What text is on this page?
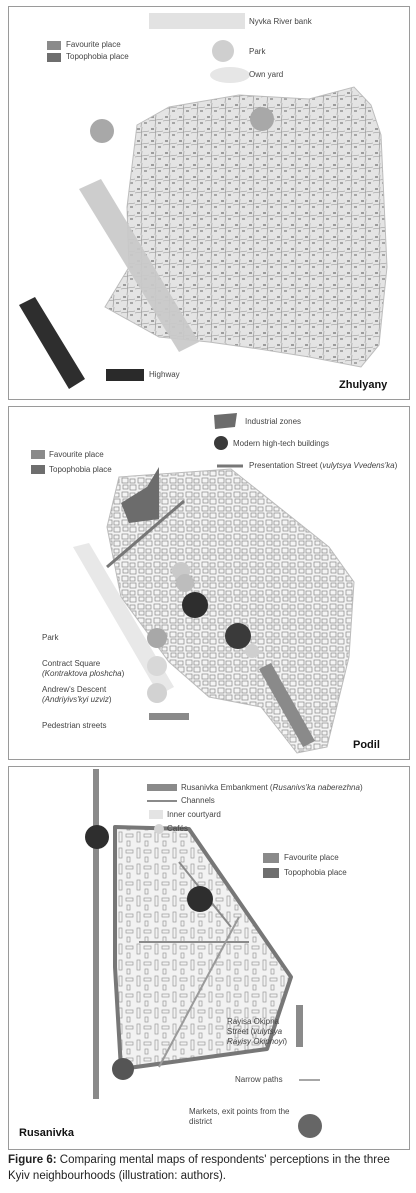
Nyvka River bank
Favourite place
Topophobia place
Park
Own yard
Highway
Zhulyany
Industrial zones
Modern high-tech buildings
Presentation Street (vulytsya Vvedens'ka)
Favourite place
Topophobia place
Park
Contract Square
(Kontraktova ploshcha)
Andrew's Descent
(Andriyivs'kyi uzviz)
Pedestrian streets
Podil
Rusanivka Embankment (Rusanivs'ka naberezhna)
Channels
Inner courtyard
Cafés
Favourite place
Topophobia place
Rayisa Okipna
Street (vulytsya
Rayisy Okipnoyi)
Narrow paths
Markets, exit points from the
district
Rusanivka
Figure 6: Comparing mental maps of respondents' perceptions in the three Kyiv neighbourhoods (illustration: authors).
